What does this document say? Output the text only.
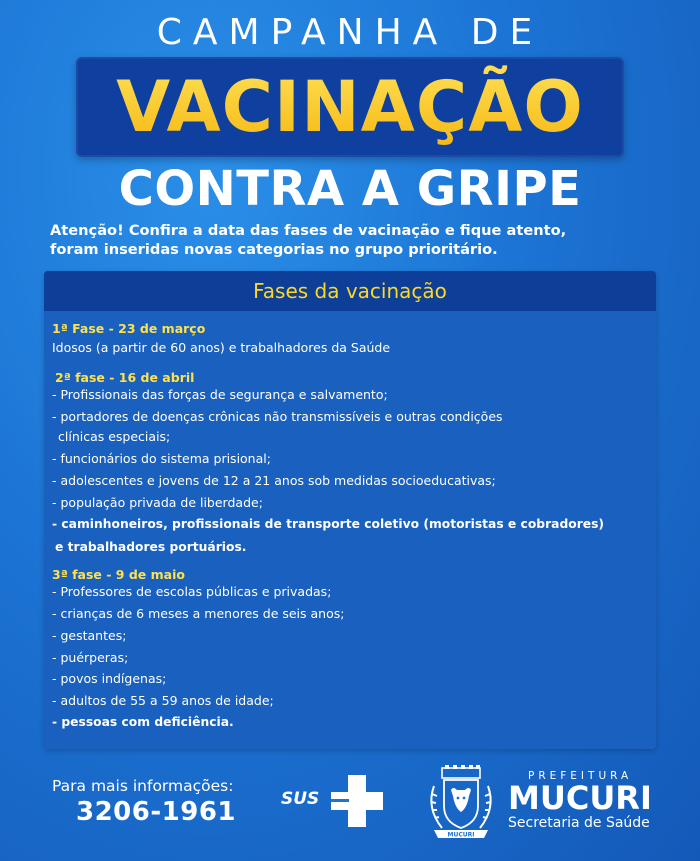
CAMPANHA DE
VACINAÇÃO
CONTRA A GRIPE
Atenção! Confira a data das fases de vacinação e fique atento,
foram inseridas novas categorias no grupo prioritário.
Fases da vacinação
1ª Fase - 23 de março
Idosos (a partir de 60 anos) e trabalhadores da Saúde
2ª fase - 16 de abril
- Profissionais das forças de segurança e salvamento;
- portadores de doenças crônicas não transmissíveis e outras condições
clínicas especiais;
- funcionários do sistema prisional;
- adolescentes e jovens de 12 a 21 anos sob medidas socioeducativas;
- população privada de liberdade;
- caminhoneiros, profissionais de transporte coletivo (motoristas e cobradores)
e trabalhadores portuários.
3ª fase - 9 de maio
- Professores de escolas públicas e privadas;
- crianças de 6 meses a menores de seis anos;
- gestantes;
- puérperas;
- povos indígenas;
- adultos de 55 a 59 anos de idade;
- pessoas com deficiência.
Para mais informações:
3206-1961	SUS
MUCURI
PREFEITURA
MUCURI
Secretaria de Saúde
